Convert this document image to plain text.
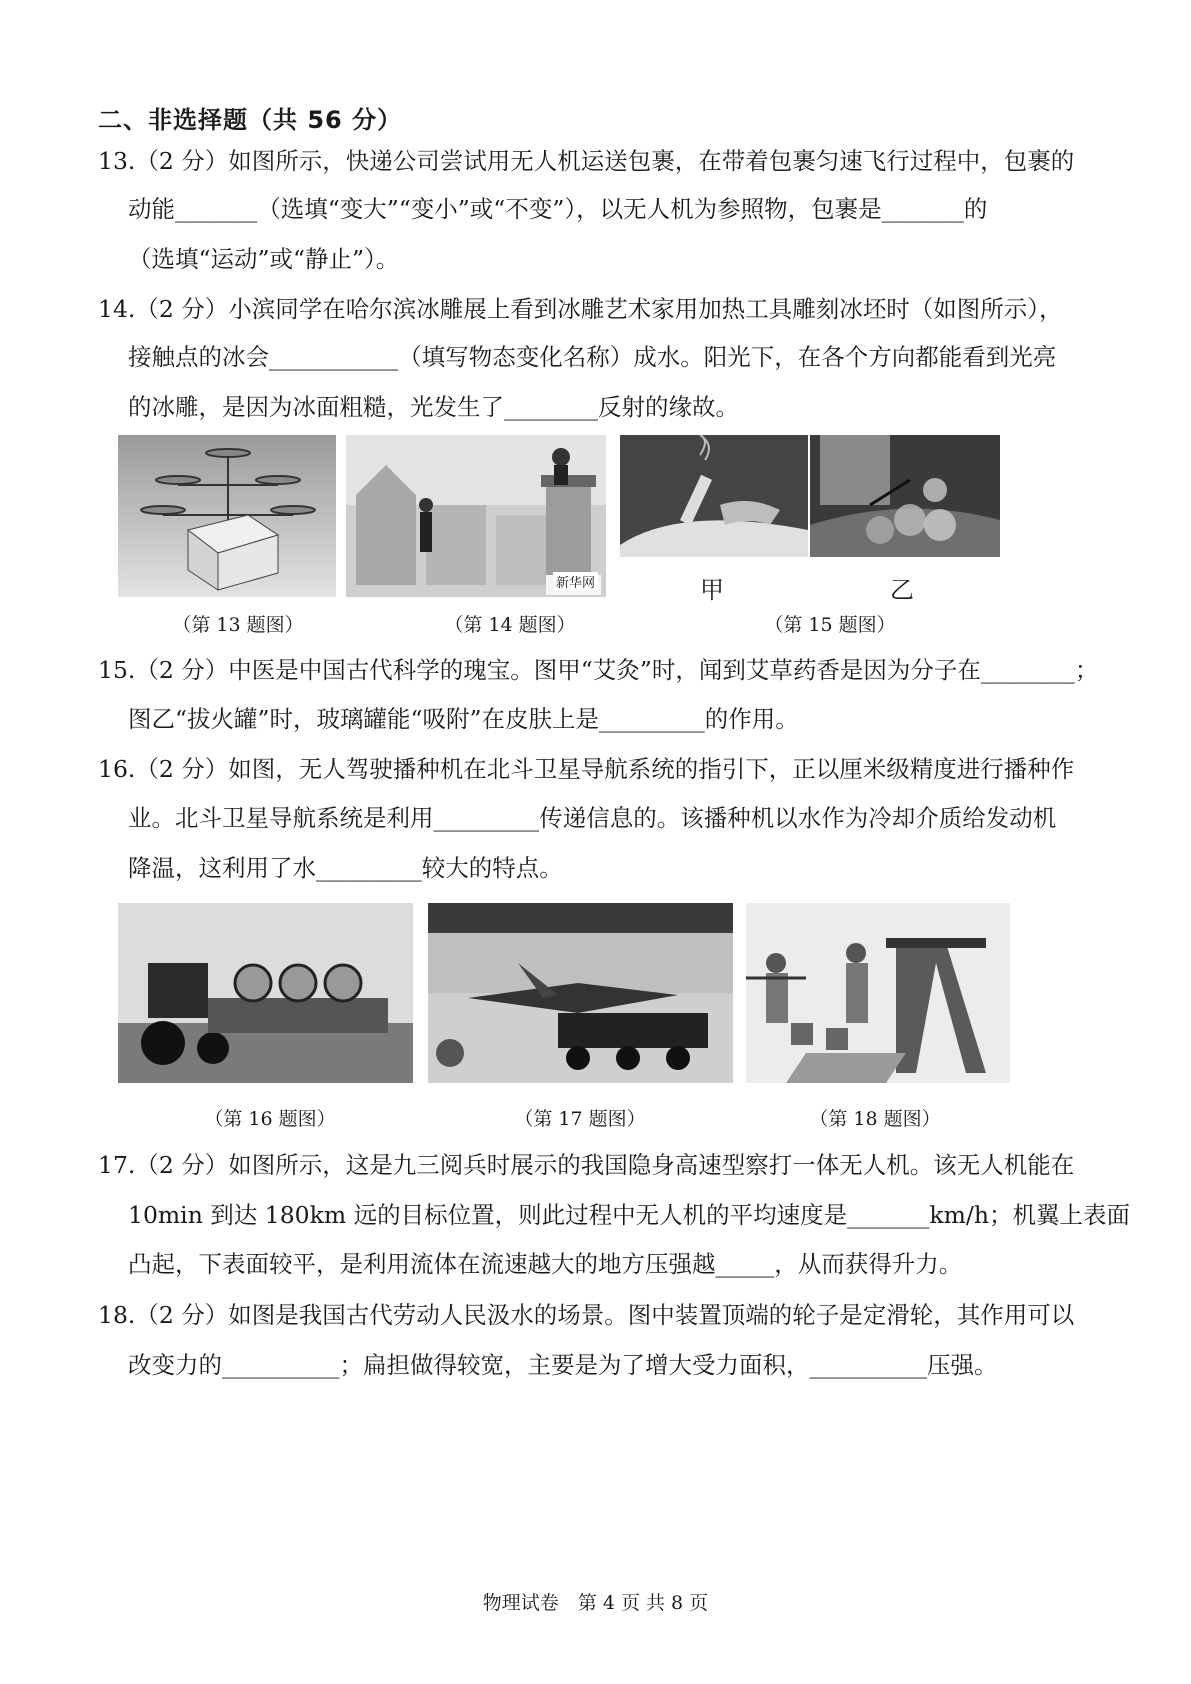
二、非选择题（共 56 分）
13.（2 分）如图所示，快递公司尝试用无人机运送包裹，在带着包裹匀速飞行过程中，包裹的
动能_______（选填“变大”“变小”或“不变”），以无人机为参照物，包裹是_______的
（选填“运动”或“静止”）。
14.（2 分）小滨同学在哈尔滨冰雕展上看到冰雕艺术家用加热工具雕刻冰坯时（如图所示），
接触点的冰会___________（填写物态变化名称）成水。阳光下，在各个方向都能看到光亮
的冰雕，是因为冰面粗糙，光发生了________反射的缘故。
新华网	甲	乙
（第 13 题图）	（第 14 题图）	（第 15 题图）
15.（2 分）中医是中国古代科学的瑰宝。图甲“艾灸”时，闻到艾草药香是因为分子在________；
图乙“拔火罐”时，玻璃罐能“吸附”在皮肤上是_________的作用。
16.（2 分）如图，无人驾驶播种机在北斗卫星导航系统的指引下，正以厘米级精度进行播种作
业。北斗卫星导航系统是利用_________传递信息的。该播种机以水作为冷却介质给发动机
降温，这利用了水_________较大的特点。
（第 16 题图）	（第 17 题图）	（第 18 题图）
17.（2 分）如图所示，这是九三阅兵时展示的我国隐身高速型察打一体无人机。该无人机能在
10min 到达 180km 远的目标位置，则此过程中无人机的平均速度是_______km/h；机翼上表面
凸起，下表面较平，是利用流体在流速越大的地方压强越_____，从而获得升力。
18.（2 分）如图是我国古代劳动人民汲水的场景。图中装置顶端的轮子是定滑轮，其作用可以
改变力的__________；扁担做得较宽，主要是为了增大受力面积，__________压强。
物理试卷　第 4 页 共 8 页
